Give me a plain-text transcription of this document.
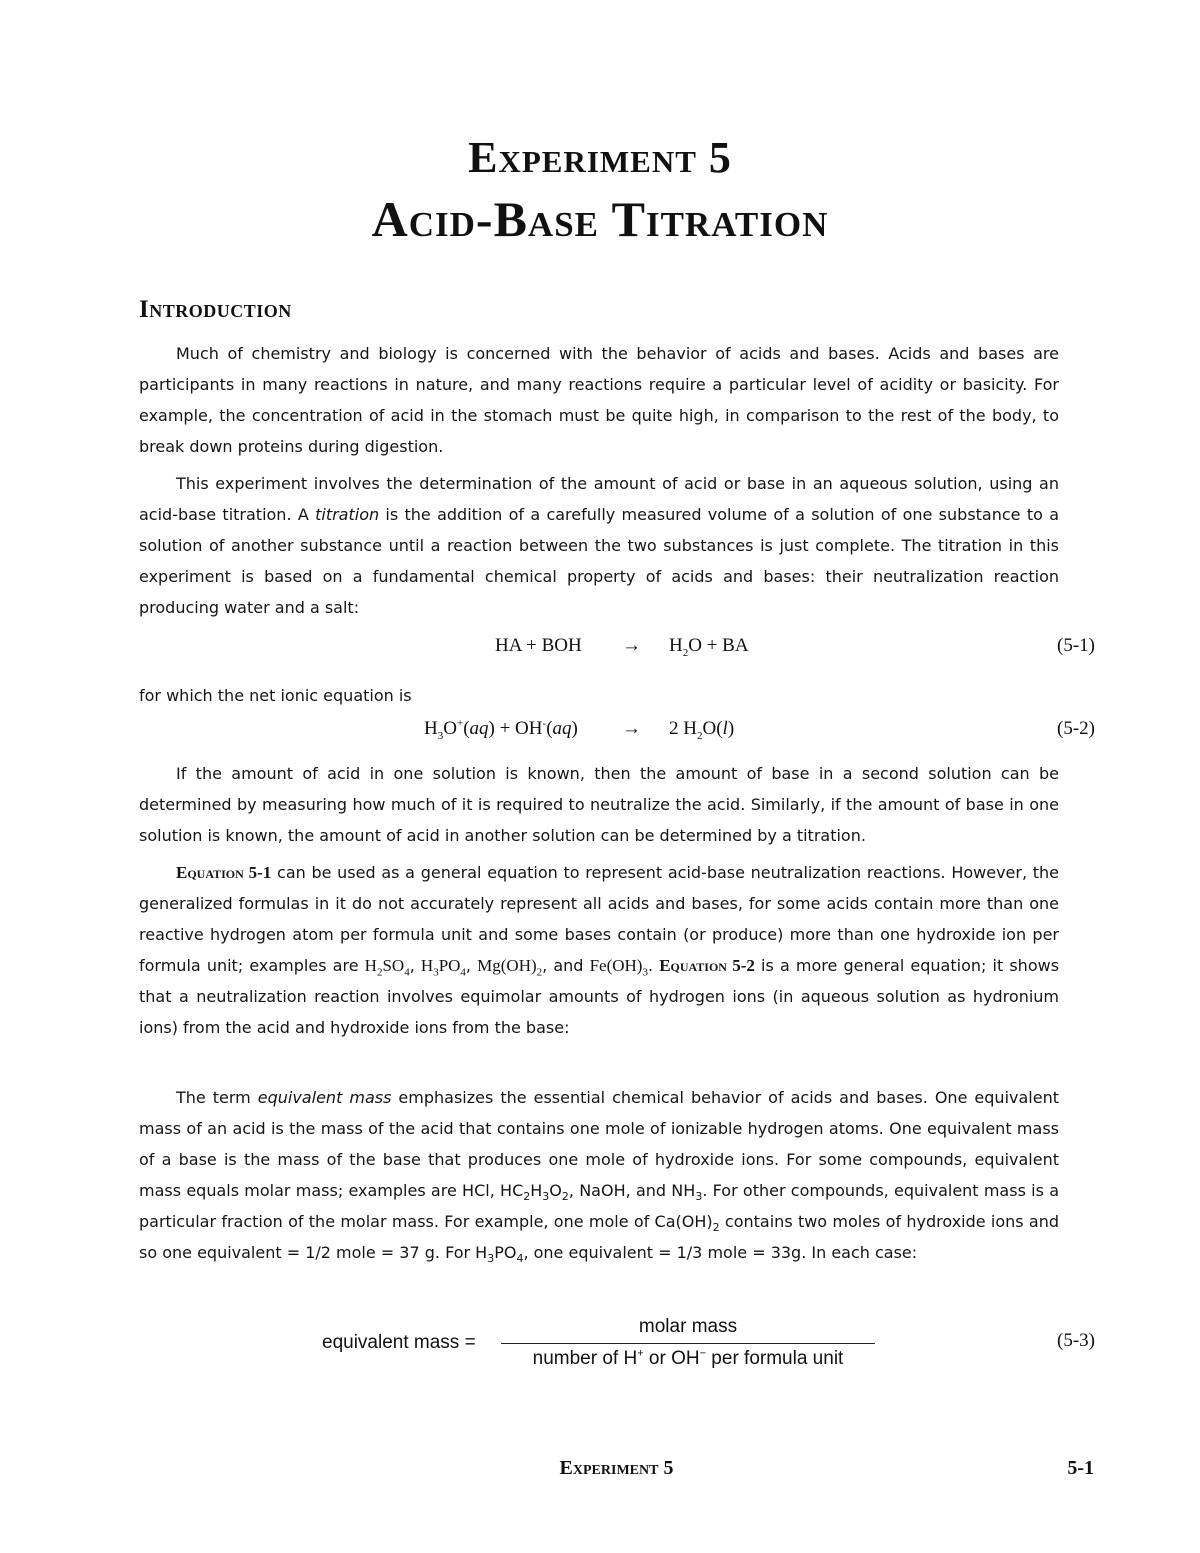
Experiment 5
Acid-Base Titration
Introduction
Much of chemistry and biology is concerned with the behavior of acids and bases. Acids and bases are participants in many reactions in nature, and many reactions require a particular level of acidity or basicity. For example, the concentration of acid in the stomach must be quite high, in comparison to the rest of the body, to break down proteins during digestion.
This experiment involves the determination of the amount of acid or base in an aqueous solution, using an acid-base titration. A titration is the addition of a carefully measured volume of a solution of one substance to a solution of another substance until a reaction between the two substances is just complete. The titration in this experiment is based on a fundamental chemical property of acids and bases: their neutralization reaction producing water and a salt:
HA + BOH → $H_2O$ + BA	(5-1)
for which the net ionic equation is
$H_3O^+(aq) + OH^-(aq) \to 2$ $H_2O(l)$	(5-2)
If the amount of acid in one solution is known, then the amount of base in a second solution can be determined by measuring how much of it is required to neutralize the acid. Similarly, if the amount of base in one solution is known, the amount of acid in another solution can be determined by a titration.
Equation 5-1 can be used as a general equation to represent acid-base neutralization reactions. However, the generalized formulas in it do not accurately represent all acids and bases, for some acids contain more than one reactive hydrogen atom per formula unit and some bases contain (or produce) more than one hydroxide ion per formula unit; examples are $H_2SO_4$, $H_3PO_4$, $Mg(OH)_2$, and $Fe(OH)_3$. Equation 5-2 is a more general equation; it shows that a neutralization reaction involves equimolar amounts of hydrogen ions (in aqueous solution as hydronium ions) from the acid and hydroxide ions from the base:
The term equivalent mass emphasizes the essential chemical behavior of acids and bases. One equivalent mass of an acid is the mass of the acid that contains one mole of ionizable hydrogen atoms. One equivalent mass of a base is the mass of the base that produces one mole of hydroxide ions. For some compounds, equivalent mass equals molar mass; examples are HCl, $HC_2H_3O_2$, NaOH, and $NH_3$. For other compounds, equivalent mass is a particular fraction of the molar mass. For example, one mole of $Ca(OH)_2$ contains two moles of hydroxide ions and so one equivalent = 1/2 mole = 37 g. For $H_3PO_4$, one equivalent = 1/3 mole = 33g. In each case:
equivalent mass =
molar mass
number of H+ or OH− per formula unit
(5-3)
Experiment 5	5-1
